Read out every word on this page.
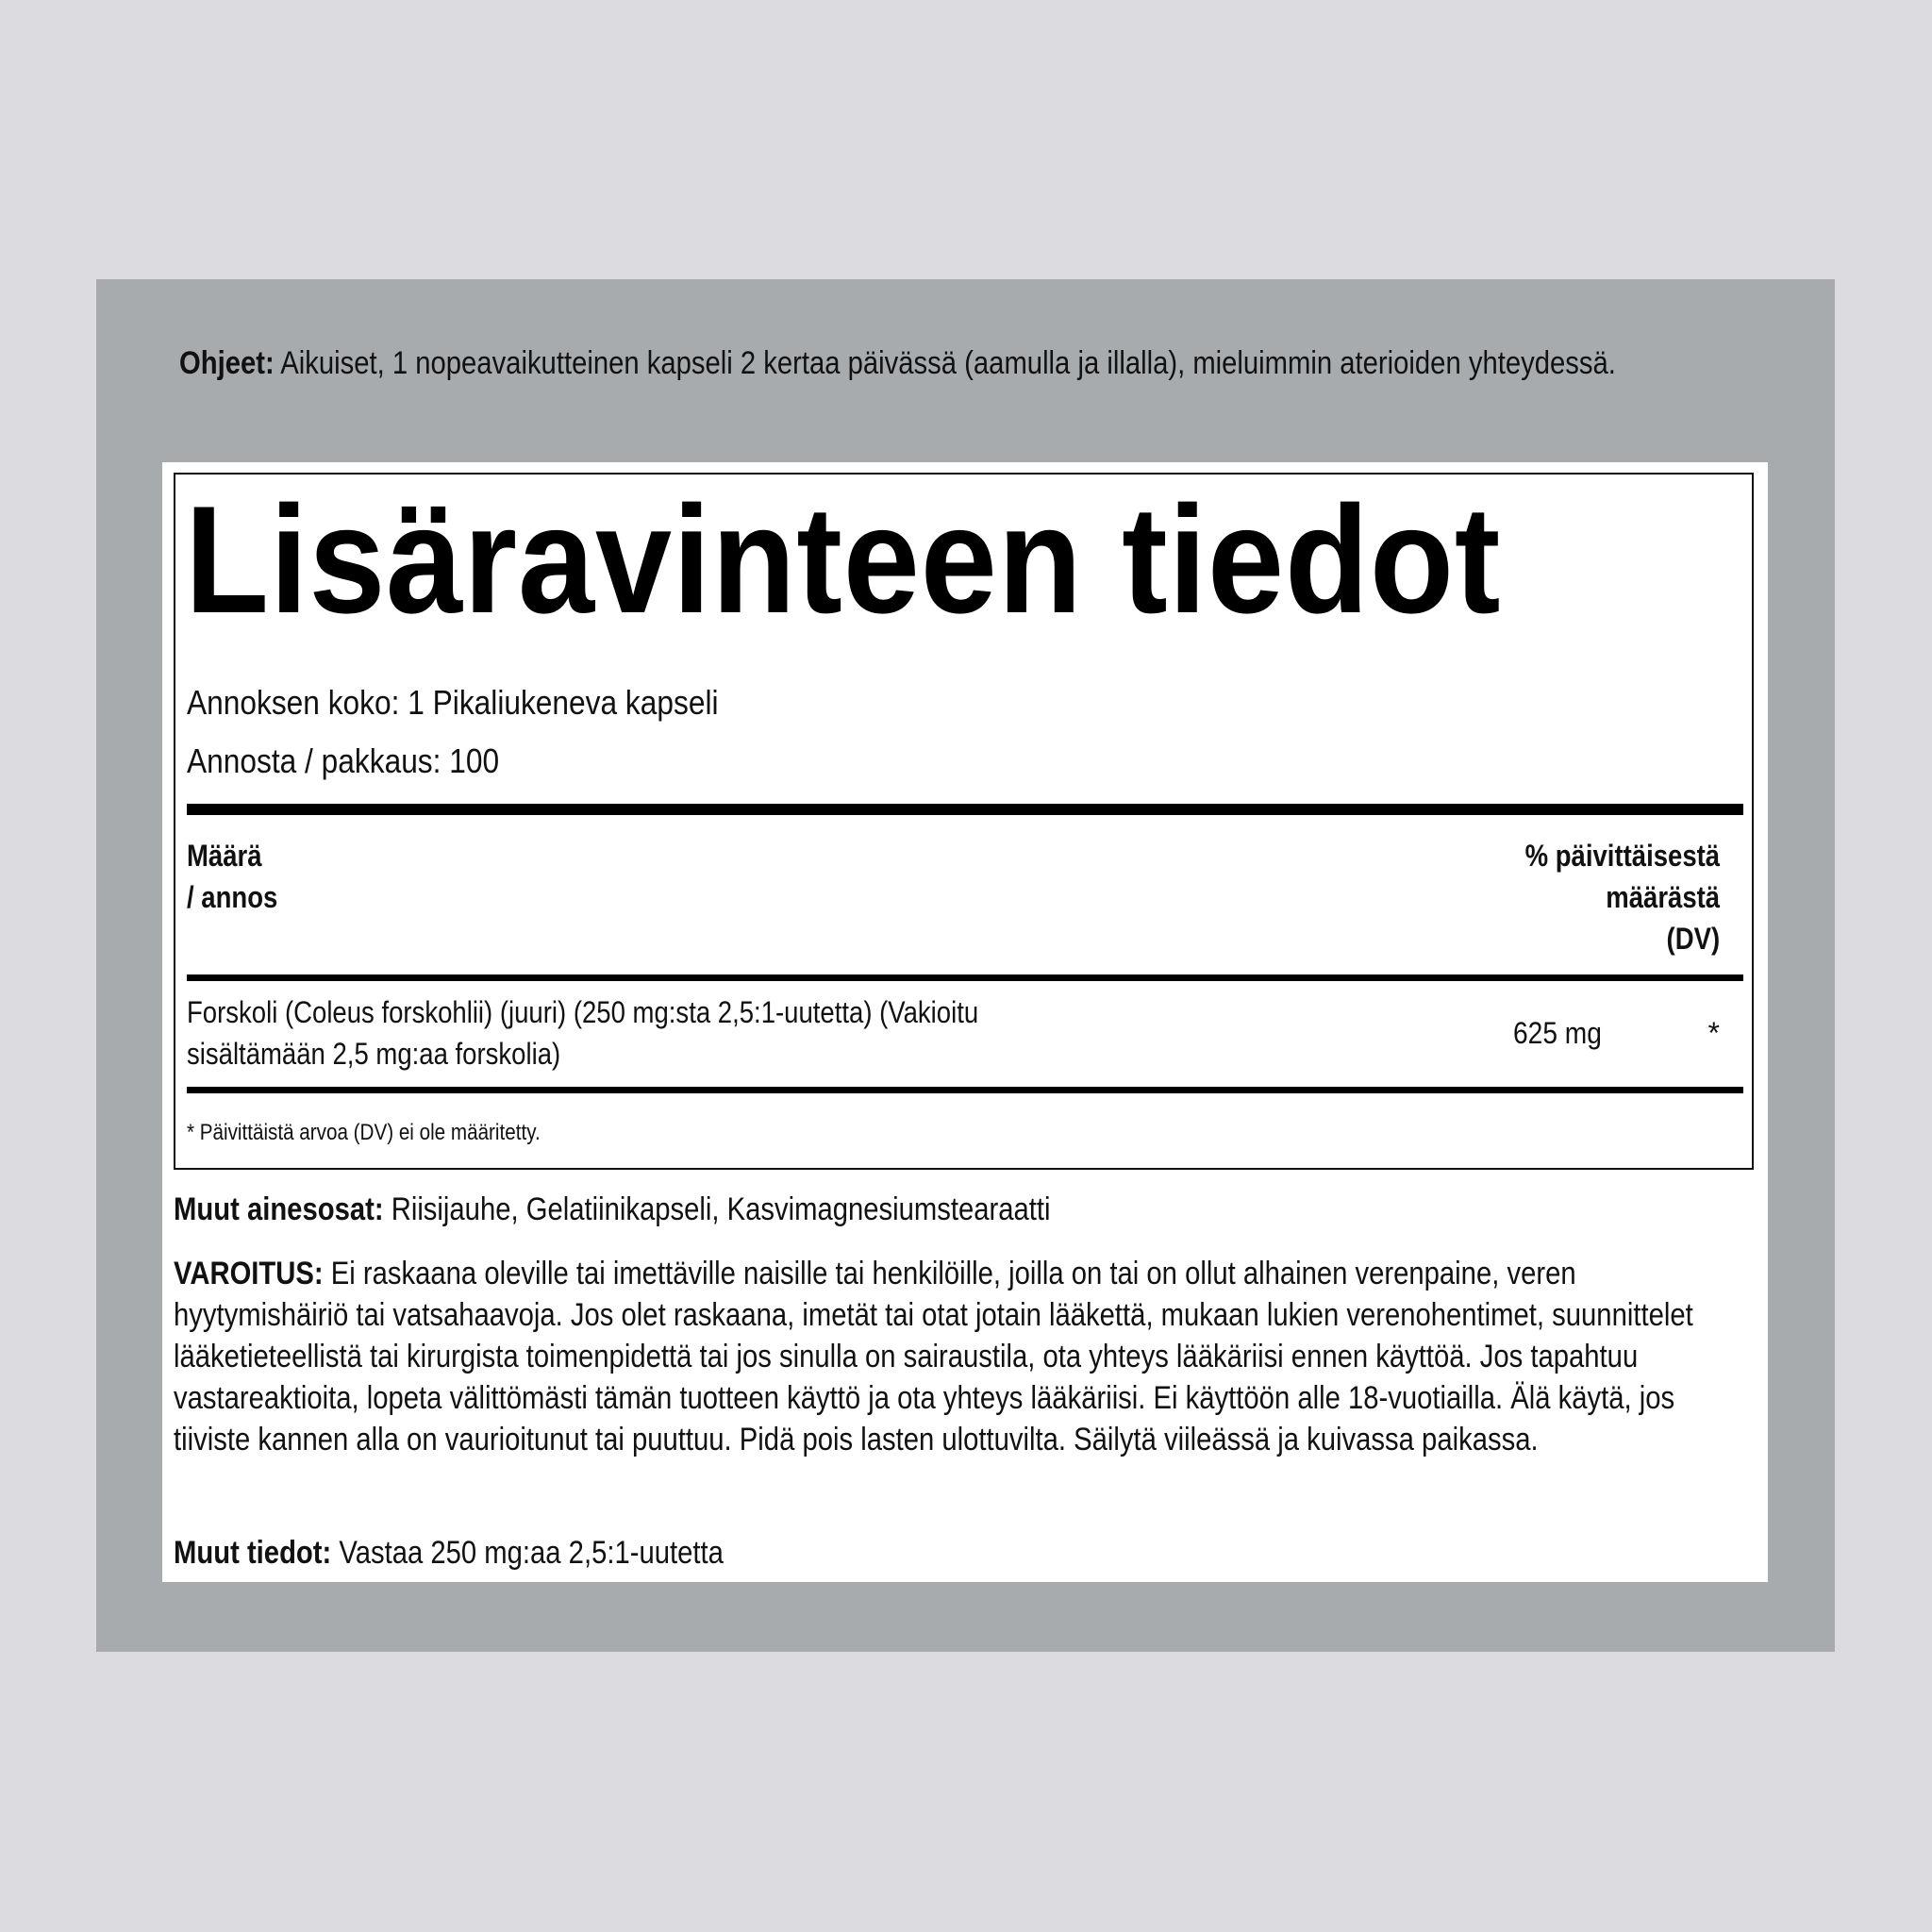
Ohjeet: Aikuiset, 1 nopeavaikutteinen kapseli 2 kertaa päivässä (aamulla ja illalla), mieluimmin aterioiden yhteydessä.
Lisäravinteen tiedot
Annoksen koko: 1 Pikaliukeneva kapseli
Annosta / pakkaus: 100
Määrä
/ annos
% päivittäisestä
määrästä
(DV)
Forskoli (Coleus forskohlii) (juuri) (250 mg:sta 2,5:1-uutetta) (Vakioitu sisältämään 2,5 mg:aa forskolia)
625 mg	*
* Päivittäistä arvoa (DV) ei ole määritetty.
Muut ainesosat: Riisijauhe, Gelatiinikapseli, Kasvimagnesiumstearaatti
VAROITUS: Ei raskaana oleville tai imettäville naisille tai henkilöille, joilla on tai on ollut alhainen verenpaine, veren hyytymishäiriö tai vatsahaavoja. Jos olet raskaana, imetät tai otat jotain lääkettä, mukaan lukien verenohentimet, suunnittelet lääketieteellistä tai kirurgista toimenpidettä tai jos sinulla on sairaustila, ota yhteys lääkäriisi ennen käyttöä. Jos tapahtuu vastareaktioita, lopeta välittömästi tämän tuotteen käyttö ja ota yhteys lääkäriisi. Ei käyttöön alle 18-vuotiailla. Älä käytä, jos tiiviste kannen alla on vaurioitunut tai puuttuu. Pidä pois lasten ulottuvilta. Säilytä viileässä ja kuivassa paikassa.
Muut tiedot: Vastaa 250 mg:aa 2,5:1-uutetta
